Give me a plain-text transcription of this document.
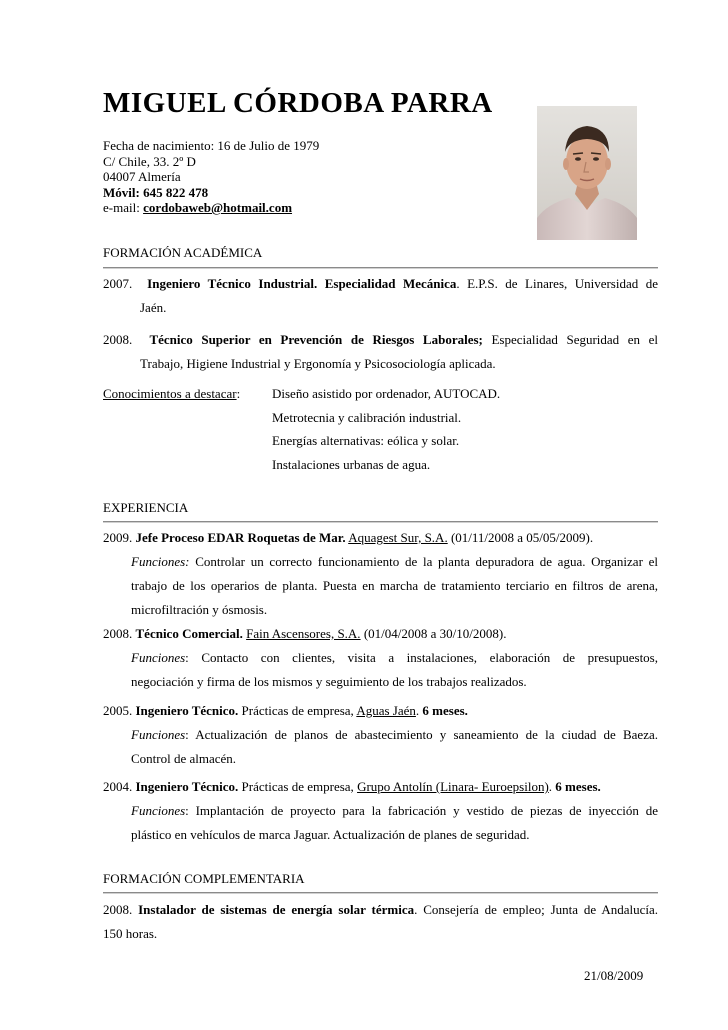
MIGUEL CÓRDOBA PARRA
Fecha de nacimiento: 16 de Julio de 1979
C/ Chile, 33. 2º D
04007 Almería
Móvil: 645 822 478
e-mail: cordobaweb@hotmail.com
FORMACIÓN ACADÉMICA
2007. Ingeniero Técnico Industrial. Especialidad Mecánica. E.P.S. de Linares, Universidad de
Jaén.
2008. Técnico Superior en Prevención de Riesgos Laborales; Especialidad Seguridad en el
Trabajo, Higiene Industrial y Ergonomía y Psicosociología aplicada.
Conocimientos a destacar: Diseño asistido por ordenador, AUTOCAD.
Metrotecnia y calibración industrial.
Energías alternativas: eólica y solar.
Instalaciones urbanas de agua.
EXPERIENCIA
2009. Jefe Proceso EDAR Roquetas de Mar. Aquagest Sur, S.A. (01/11/2008 a 05/05/2009).
Funciones: Controlar un correcto funcionamiento de la planta depuradora de agua. Organizar el
trabajo de los operarios de planta. Puesta en marcha de tratamiento terciario en filtros de arena,
microfiltración y ósmosis.
2008. Técnico Comercial. Fain Ascensores, S.A. (01/04/2008 a 30/10/2008).
Funciones: Contacto con clientes, visita a instalaciones, elaboración de presupuestos,
negociación y firma de los mismos y seguimiento de los trabajos realizados.
2005. Ingeniero Técnico. Prácticas de empresa, Aguas Jaén. 6 meses.
Funciones: Actualización de planos de abastecimiento y saneamiento de la ciudad de Baeza.
Control de almacén.
2004. Ingeniero Técnico. Prácticas de empresa, Grupo Antolín (Linara- Euroepsilon). 6 meses.
Funciones: Implantación de proyecto para la fabricación y vestido de piezas de inyección de
plástico en vehículos de marca Jaguar. Actualización de planes de seguridad.
FORMACIÓN COMPLEMENTARIA
2008. Instalador de sistemas de energía solar térmica. Consejería de empleo; Junta de Andalucía.
150 horas.
21/08/2009
